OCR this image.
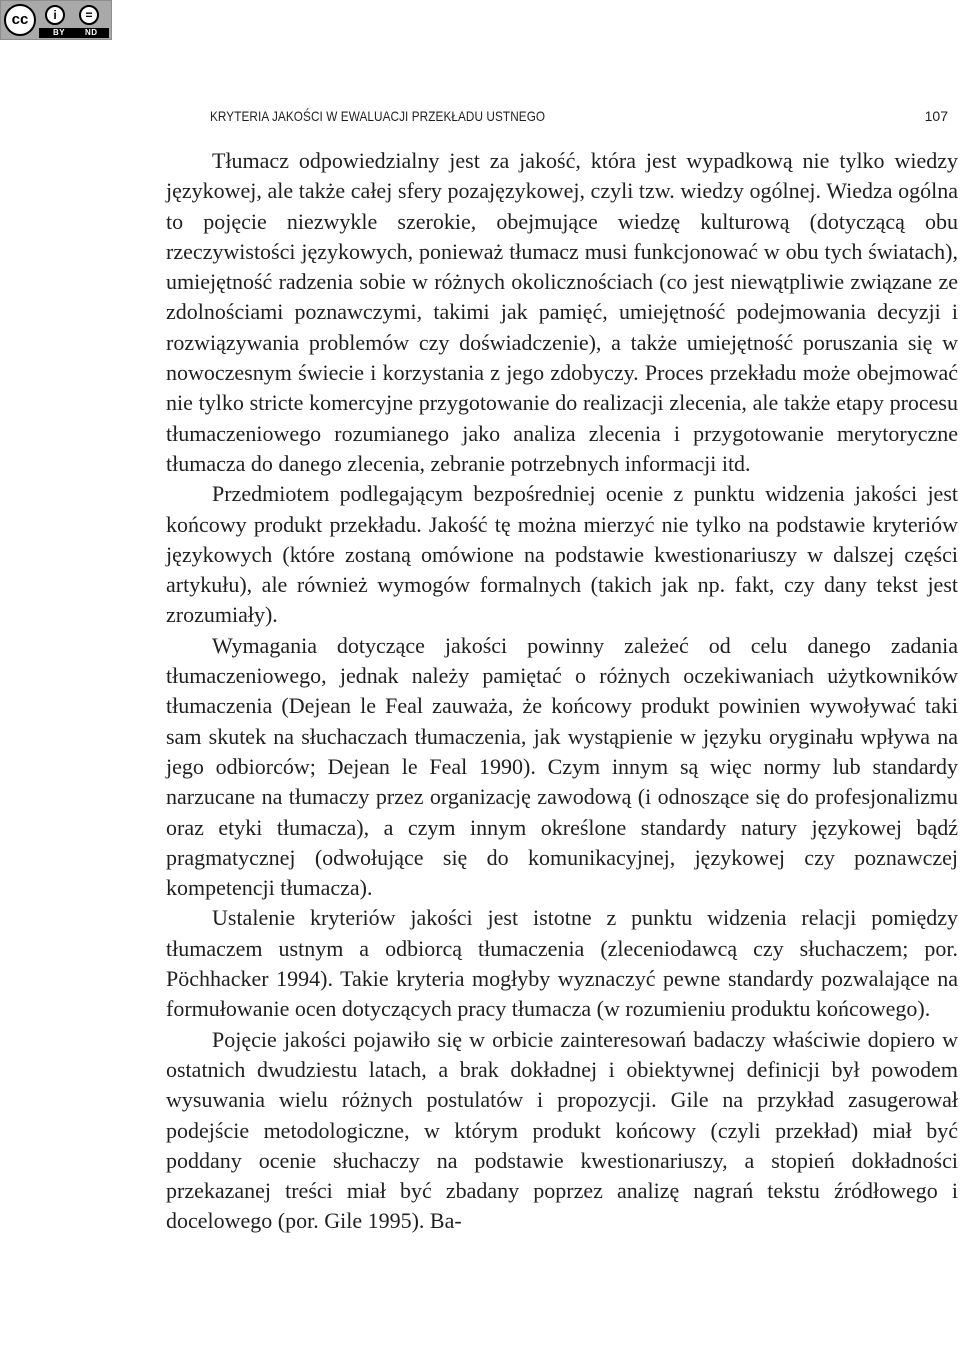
cc	i	=
BY ND
KRYTERIA JAKOŚCI W EWALUACJI PRZEKŁADU USTNEGO	107

Tłumacz odpowiedzialny jest za jakość, która jest wypadkową nie tylko wiedzy językowej, ale także całej sfery pozajęzykowej, czyli tzw. wiedzy ogólnej. Wiedza ogólna to pojęcie niezwykle szerokie, obejmujące wiedzę kulturową (dotyczącą obu rzeczywistości językowych, ponieważ tłumacz musi funkcjonować w obu tych światach), umiejętność radzenia sobie w różnych okolicznościach (co jest niewątpliwie związane ze zdolnościami poznawczymi, takimi jak pamięć, umiejętność podejmowania decyzji i rozwiązywania problemów czy doświadczenie), a także umiejętność poruszania się w nowoczesnym świecie i korzystania z jego zdobyczy. Proces przekładu może obejmować nie tylko stricte komercyjne przygotowanie do realizacji zlecenia, ale także etapy procesu tłumaczeniowego rozumianego jako analiza zlecenia i przygotowanie merytoryczne tłumacza do danego zlecenia, zebranie potrzebnych informacji itd.

Przedmiotem podlegającym bezpośredniej ocenie z punktu widzenia jakości jest końcowy produkt przekładu. Jakość tę można mierzyć nie tylko na podstawie kryteriów językowych (które zostaną omówione na podstawie kwestionariuszy w dalszej części artykułu), ale również wymogów formalnych (takich jak np. fakt, czy dany tekst jest zrozumiały).

Wymagania dotyczące jakości powinny zależeć od celu danego zadania tłumaczeniowego, jednak należy pamiętać o różnych oczekiwaniach użytkowników tłumaczenia (Dejean le Feal zauważa, że końcowy produkt powinien wywoływać taki sam skutek na słuchaczach tłumaczenia, jak wystąpienie w języku oryginału wpływa na jego odbiorców; Dejean le Feal 1990). Czym innym są więc normy lub standardy narzucane na tłumaczy przez organizację zawodową (i odnoszące się do profesjonalizmu oraz etyki tłumacza), a czym innym określone standardy natury językowej bądź pragmatycznej (odwołujące się do komunikacyjnej, językowej czy poznawczej kompetencji tłumacza).

Ustalenie kryteriów jakości jest istotne z punktu widzenia relacji pomiędzy tłumaczem ustnym a odbiorcą tłumaczenia (zleceniodawcą czy słuchaczem; por. Pöchhacker 1994). Takie kryteria mogłyby wyznaczyć pewne standardy pozwalające na formułowanie ocen dotyczących pracy tłumacza (w rozumieniu produktu końcowego).

Pojęcie jakości pojawiło się w orbicie zainteresowań badaczy właściwie dopiero w ostatnich dwudziestu latach, a brak dokładnej i obiektywnej definicji był powodem wysuwania wielu różnych postulatów i propozycji. Gile na przykład zasugerował podejście metodologiczne, w którym produkt końcowy (czyli przekład) miał być poddany ocenie słuchaczy na podstawie kwestionariuszy, a stopień dokładności przekazanej treści miał być zbadany poprzez analizę nagrań tekstu źródłowego i docelowego (por. Gile 1995). Ba-
